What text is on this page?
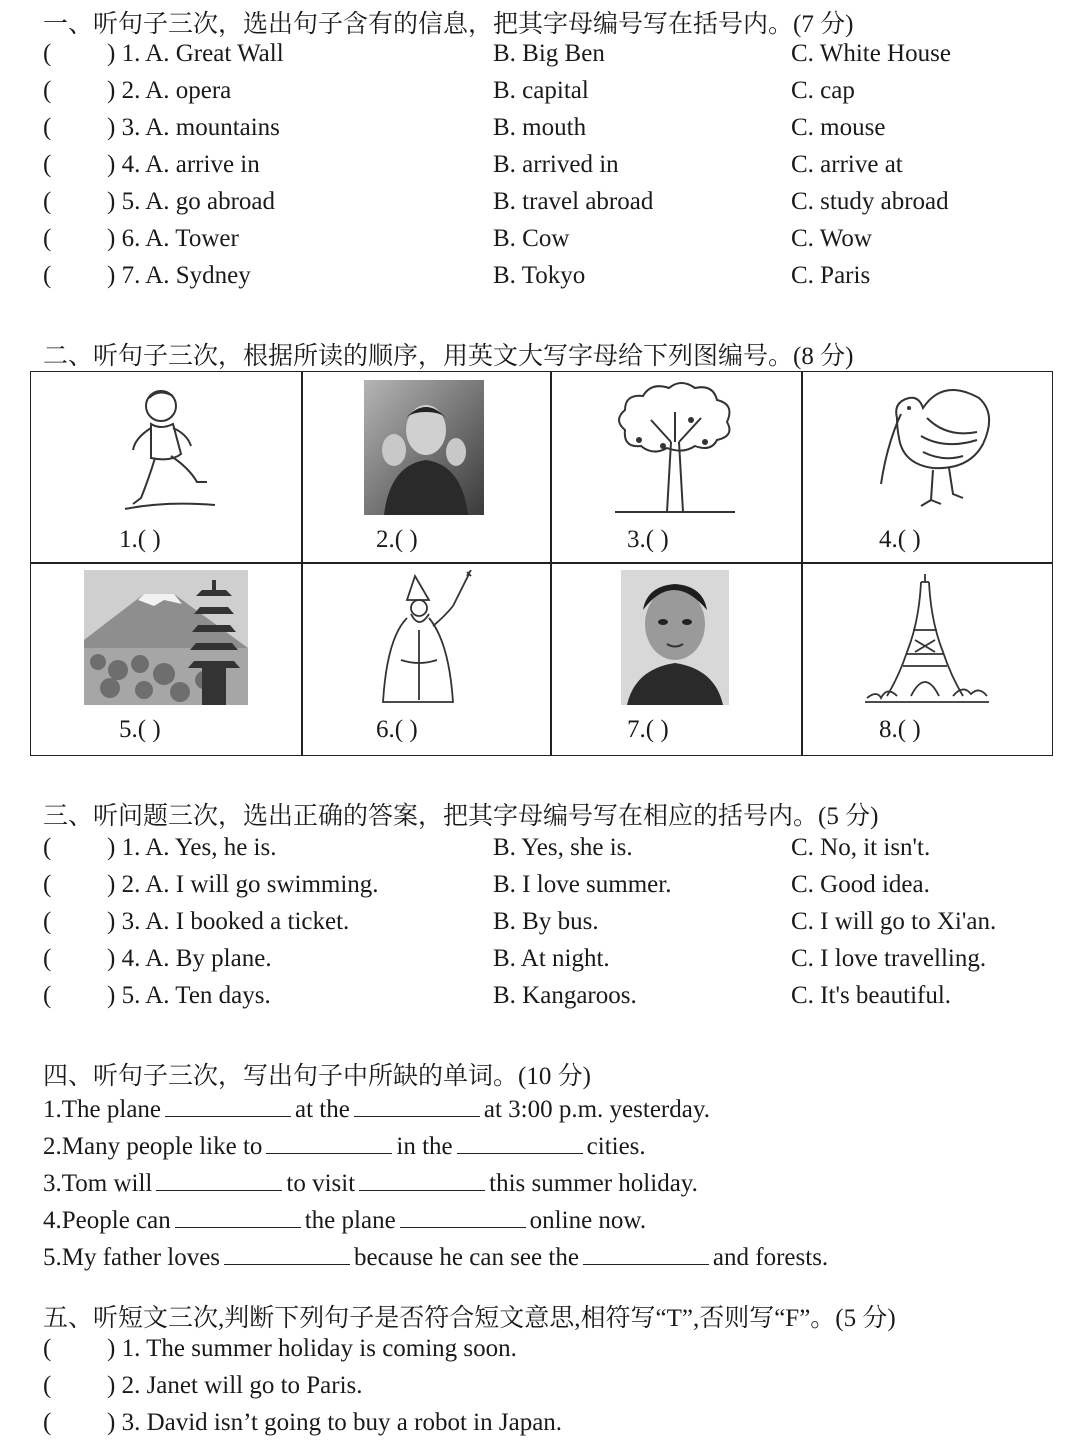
一、听句子三次，选出句子含有的信息，把其字母编号写在括号内。(7 分)
( ) 1. A. Great Wall	B. Big Ben	C. White House
( ) 2. A. opera	B. capital	C. cap
( ) 3. A. mountains	B. mouth	C. mouse
( ) 4. A. arrive in	B. arrived in	C. arrive at
( ) 5. A. go abroad	B. travel abroad	C. study abroad
( ) 6. A. Tower	B. Cow	C. Wow
( ) 7. A. Sydney	B. Tokyo	C. Paris
二、听句子三次，根据所读的顺序，用英文大写字母给下列图编号。(8 分)
1.( )	2.( )	3.( )	4.( )
5.( )	6.( )	7.( )	8.( )
三、听问题三次，选出正确的答案，把其字母编号写在相应的括号内。(5 分)
( ) 1. A. Yes, he is.	B. Yes, she is.	C. No, it isn't.
( ) 2. A. I will go swimming.	B. I love summer.	C. Good idea.
( ) 3. A. I booked a ticket.	B. By bus.	C. I will go to Xi'an.
( ) 4. A. By plane.	B. At night.	C. I love travelling.
( ) 5. A. Ten days.	B. Kangaroos.	C. It's beautiful.
四、听句子三次，写出句子中所缺的单词。(10 分)
1.The plane	at the	at 3:00 p.m. yesterday.
2.Many people like to	in the	cities.
3.Tom will	to visit	this summer holiday.
4.People can	the plane	online now.
5.My father loves	because he can see the	and forests.
五、听短文三次,判断下列句子是否符合短文意思,相符写“T”,否则写“F”。(5 分)
( ) 1. The summer holiday is coming soon.
( ) 2. Janet will go to Paris.
( ) 3. David isn’t going to buy a robot in Japan.
